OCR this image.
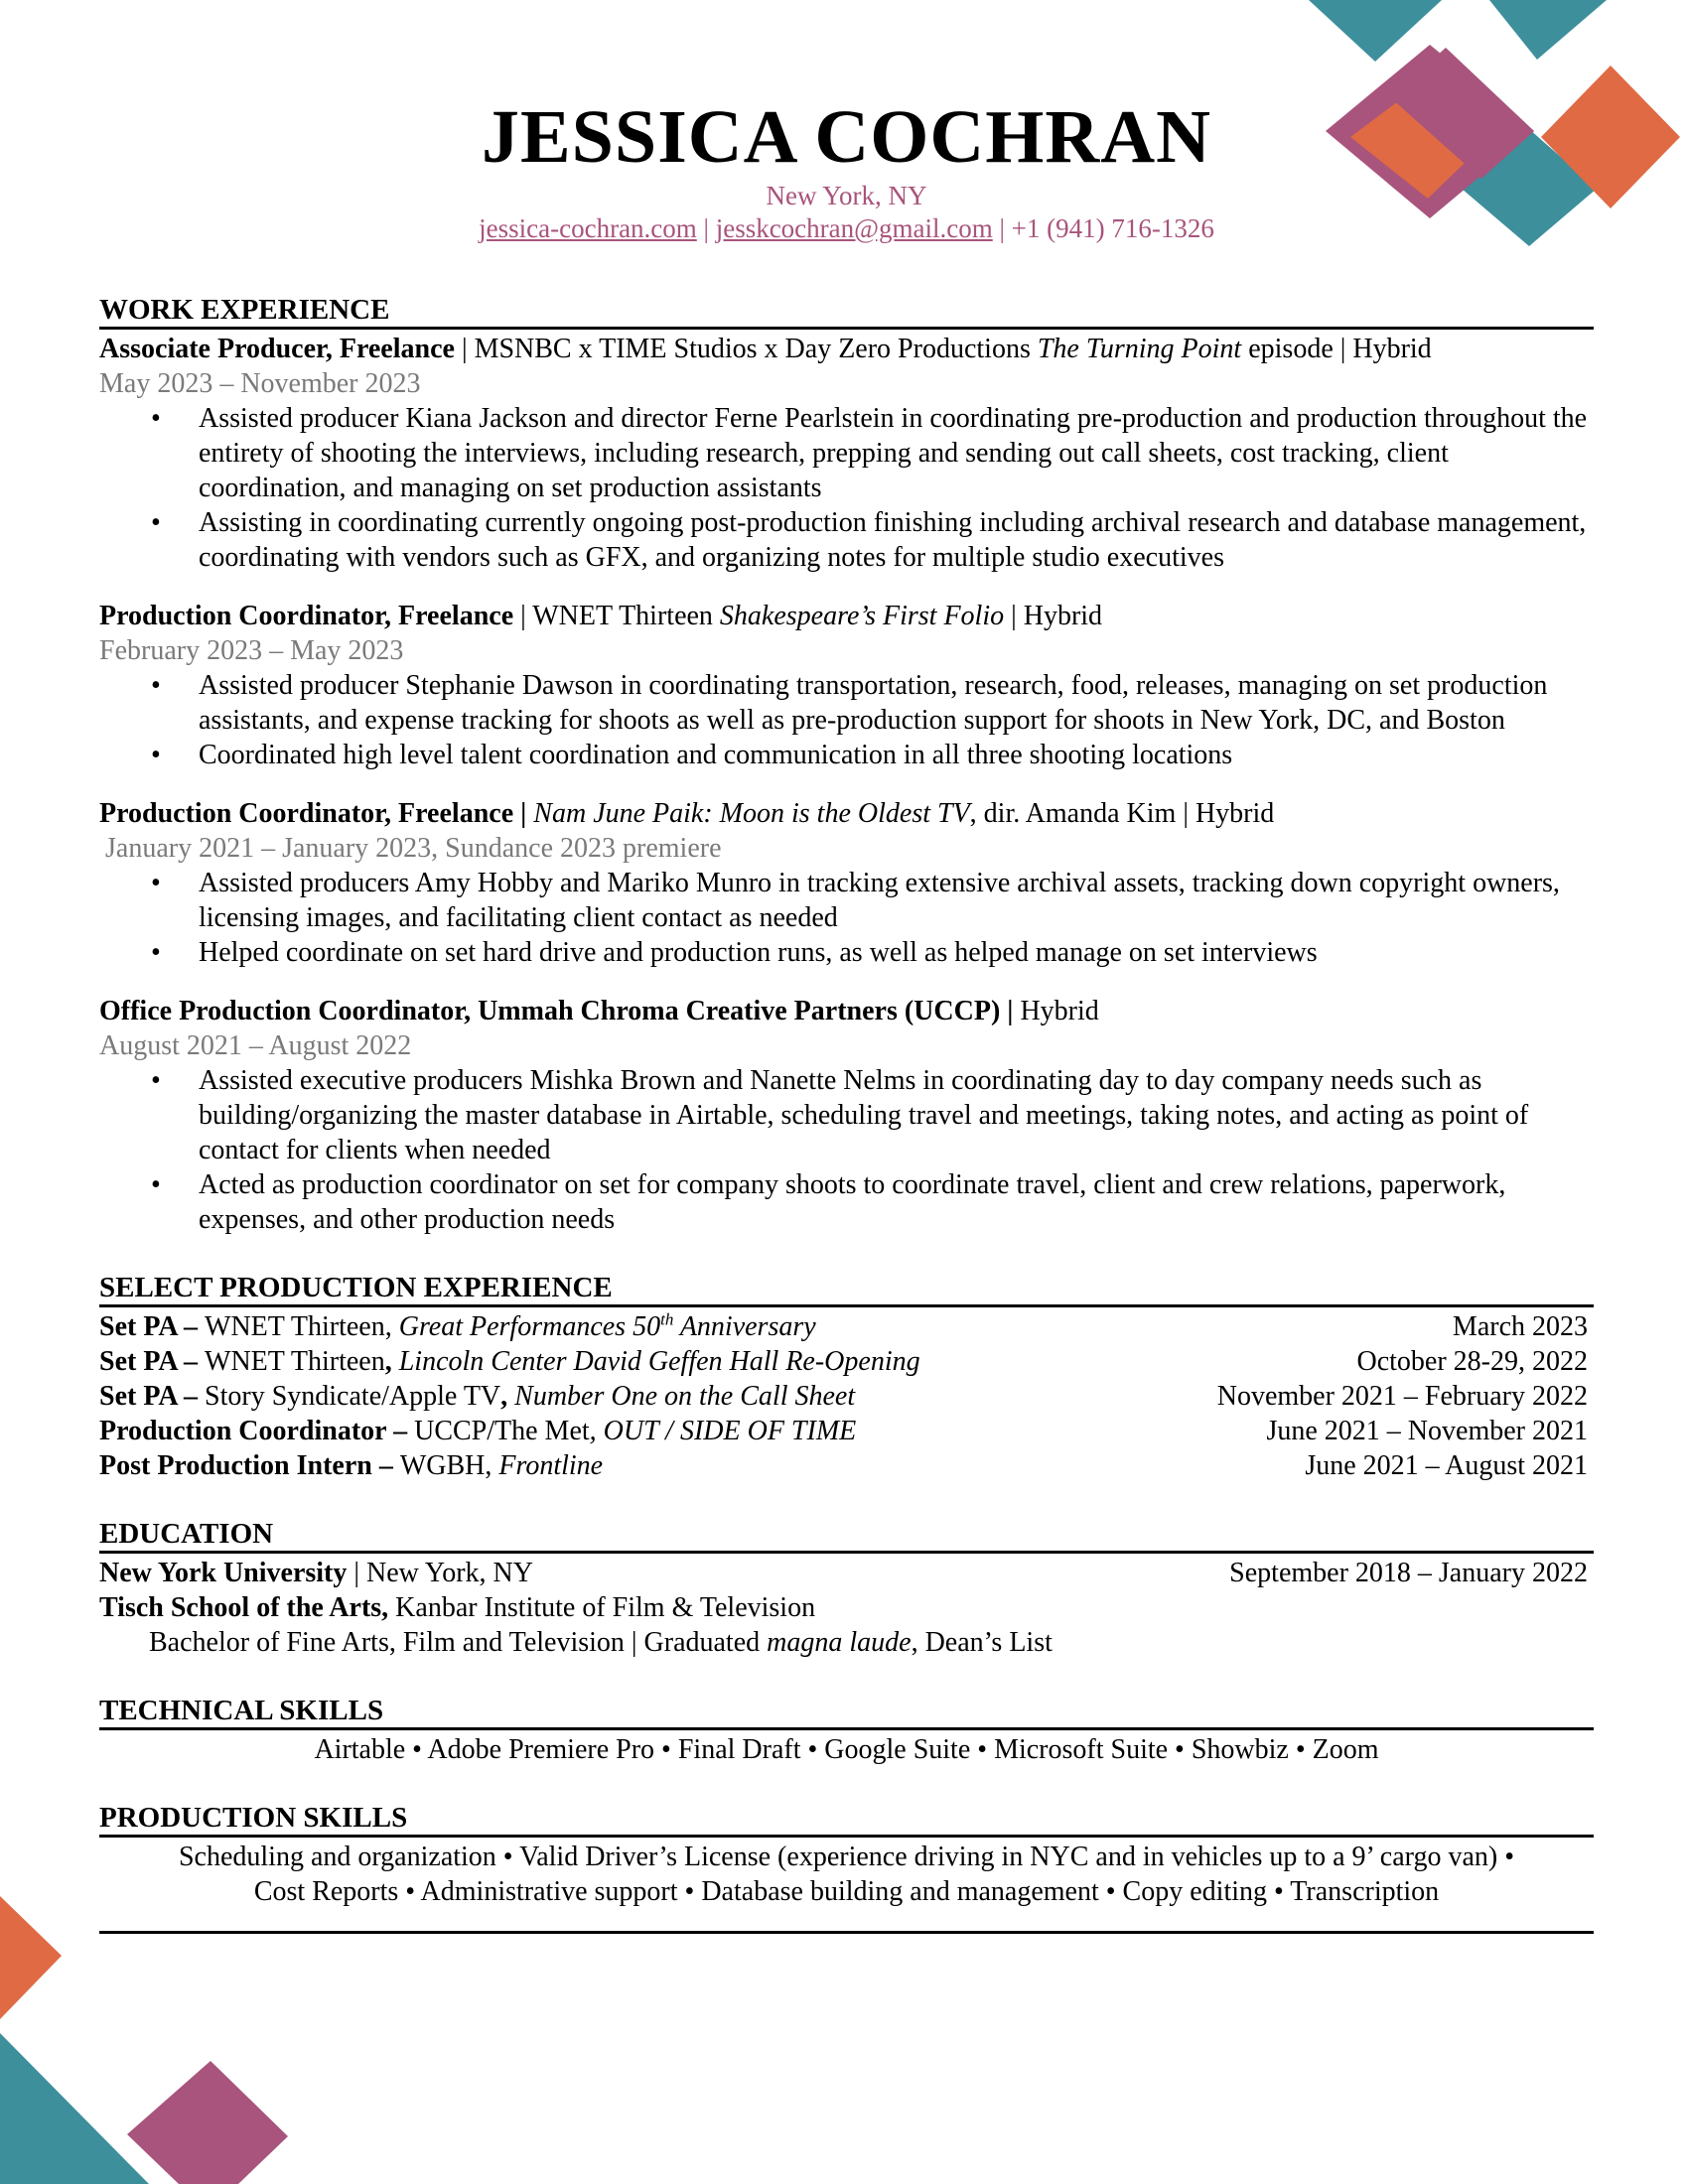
JESSICA COCHRAN
New York, NY
jessica-cochran.com | jesskcochran@gmail.com | +1 (941) 716-1326
WORK EXPERIENCE
Associate Producer, Freelance | MSNBC x TIME Studios x Day Zero Productions The Turning Point episode | Hybrid
May 2023 – November 2023
• Assisted producer Kiana Jackson and director Ferne Pearlstein in coordinating pre-production and production throughout the entirety of shooting the interviews, including research, prepping and sending out call sheets, cost tracking, client coordination, and managing on set production assistants
• Assisting in coordinating currently ongoing post-production finishing including archival research and database management, coordinating with vendors such as GFX, and organizing notes for multiple studio executives
Production Coordinator, Freelance | WNET Thirteen Shakespeare’s First Folio | Hybrid
February 2023 – May 2023
• Assisted producer Stephanie Dawson in coordinating transportation, research, food, releases, managing on set production assistants, and expense tracking for shoots as well as pre-production support for shoots in New York, DC, and Boston
• Coordinated high level talent coordination and communication in all three shooting locations
Production Coordinator, Freelance | Nam June Paik: Moon is the Oldest TV, dir. Amanda Kim | Hybrid
January 2021 – January 2023, Sundance 2023 premiere
• Assisted producers Amy Hobby and Mariko Munro in tracking extensive archival assets, tracking down copyright owners, licensing images, and facilitating client contact as needed
• Helped coordinate on set hard drive and production runs, as well as helped manage on set interviews
Office Production Coordinator, Ummah Chroma Creative Partners (UCCP) | Hybrid
August 2021 – August 2022
• Assisted executive producers Mishka Brown and Nanette Nelms in coordinating day to day company needs such as building/organizing the master database in Airtable, scheduling travel and meetings, taking notes, and acting as point of contact for clients when needed
• Acted as production coordinator on set for company shoots to coordinate travel, client and crew relations, paperwork, expenses, and other production needs
SELECT PRODUCTION EXPERIENCE
Set PA – WNET Thirteen, Great Performances 50th Anniversary	March 2023
Set PA – WNET Thirteen, Lincoln Center David Geffen Hall Re-Opening	October 28-29, 2022
Set PA – Story Syndicate/Apple TV, Number One on the Call Sheet	November 2021 – February 2022
Production Coordinator – UCCP/The Met, OUT / SIDE OF TIME	June 2021 – November 2021
Post Production Intern – WGBH, Frontline	June 2021 – August 2021
EDUCATION
New York University | New York, NY	September 2018 – January 2022
Tisch School of the Arts, Kanbar Institute of Film & Television
Bachelor of Fine Arts, Film and Television | Graduated magna laude, Dean’s List
TECHNICAL SKILLS
Airtable • Adobe Premiere Pro • Final Draft • Google Suite • Microsoft Suite • Showbiz • Zoom
PRODUCTION SKILLS
Scheduling and organization • Valid Driver’s License (experience driving in NYC and in vehicles up to a 9’ cargo van) •
Cost Reports • Administrative support • Database building and management • Copy editing • Transcription
